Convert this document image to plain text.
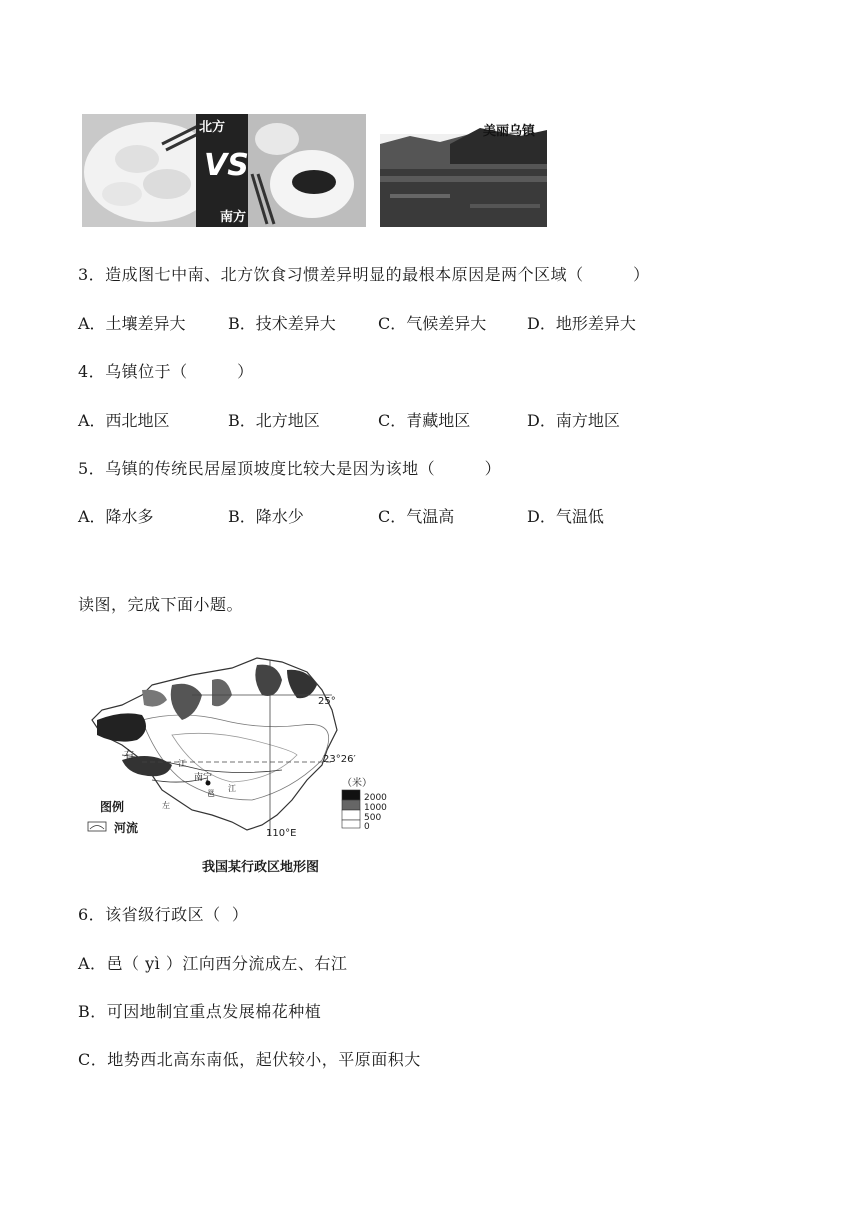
北方
VS
南方
美丽乌镇
3．造成图七中南、北方饮食习惯差异明显的最根本原因是两个区域（　　　）
A．土壤差异大	B．技术差异大	C．气候差异大	D．地形差异大
4．乌镇位于（　　　）
A．西北地区	B．北方地区	C．青藏地区	D．南方地区
5．乌镇的传统民居屋顶坡度比较大是因为该地（　　　）
A．降水多	B．降水少	C．气温高	D．气温低
读图，完成下面小题。
25°
23°26′
110°E
右
江
南宁
邕
江
左
图例
河流
（米）
2000
1000
500
0
我国某行政区地形图
6．该省级行政区（  ）
A．邑（ yì ）江向西分流成左、右江
B．可因地制宜重点发展棉花种植
C．地势西北高东南低，起伏较小，平原面积大
